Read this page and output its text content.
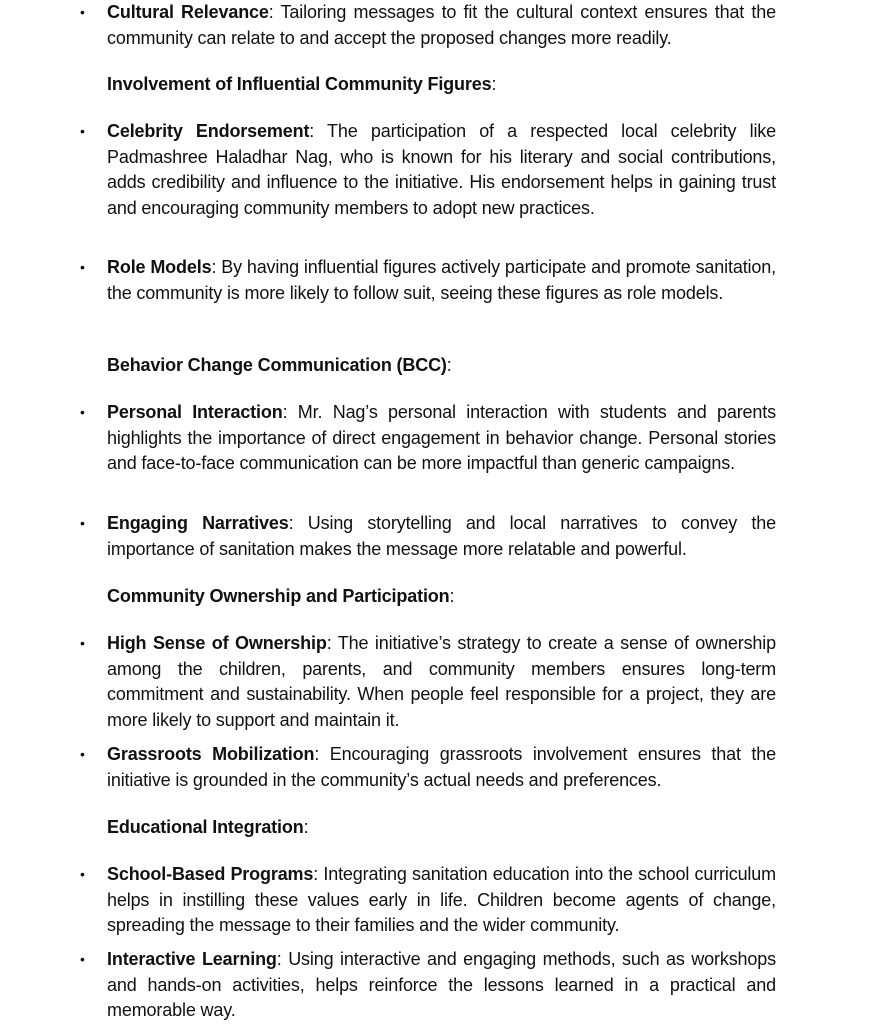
• Cultural Relevance: Tailoring messages to fit the cultural context ensures that the community can relate to and accept the proposed changes more readily.
Involvement of Influential Community Figures:
• Celebrity Endorsement: The participation of a respected local celebrity like Padmashree Haladhar Nag, who is known for his literary and social contributions, adds credibility and influence to the initiative. His endorsement helps in gaining trust and encouraging community members to adopt new practices.
• Role Models: By having influential figures actively participate and promote sanitation, the community is more likely to follow suit, seeing these figures as role models.
Behavior Change Communication (BCC):
• Personal Interaction: Mr. Nag’s personal interaction with students and parents highlights the importance of direct engagement in behavior change. Personal stories and face-to-face communication can be more impactful than generic campaigns.
• Engaging Narratives: Using storytelling and local narratives to convey the importance of sanitation makes the message more relatable and powerful.
Community Ownership and Participation:
• High Sense of Ownership: The initiative’s strategy to create a sense of ownership among the children, parents, and community members ensures long-term commitment and sustainability. When people feel responsible for a project, they are more likely to support and maintain it.
• Grassroots Mobilization: Encouraging grassroots involvement ensures that the initiative is grounded in the community’s actual needs and preferences.
Educational Integration:
• School-Based Programs: Integrating sanitation education into the school curriculum helps in instilling these values early in life. Children become agents of change, spreading the message to their families and the wider community.
• Interactive Learning: Using interactive and engaging methods, such as workshops and hands-on activities, helps reinforce the lessons learned in a practical and memorable way.
